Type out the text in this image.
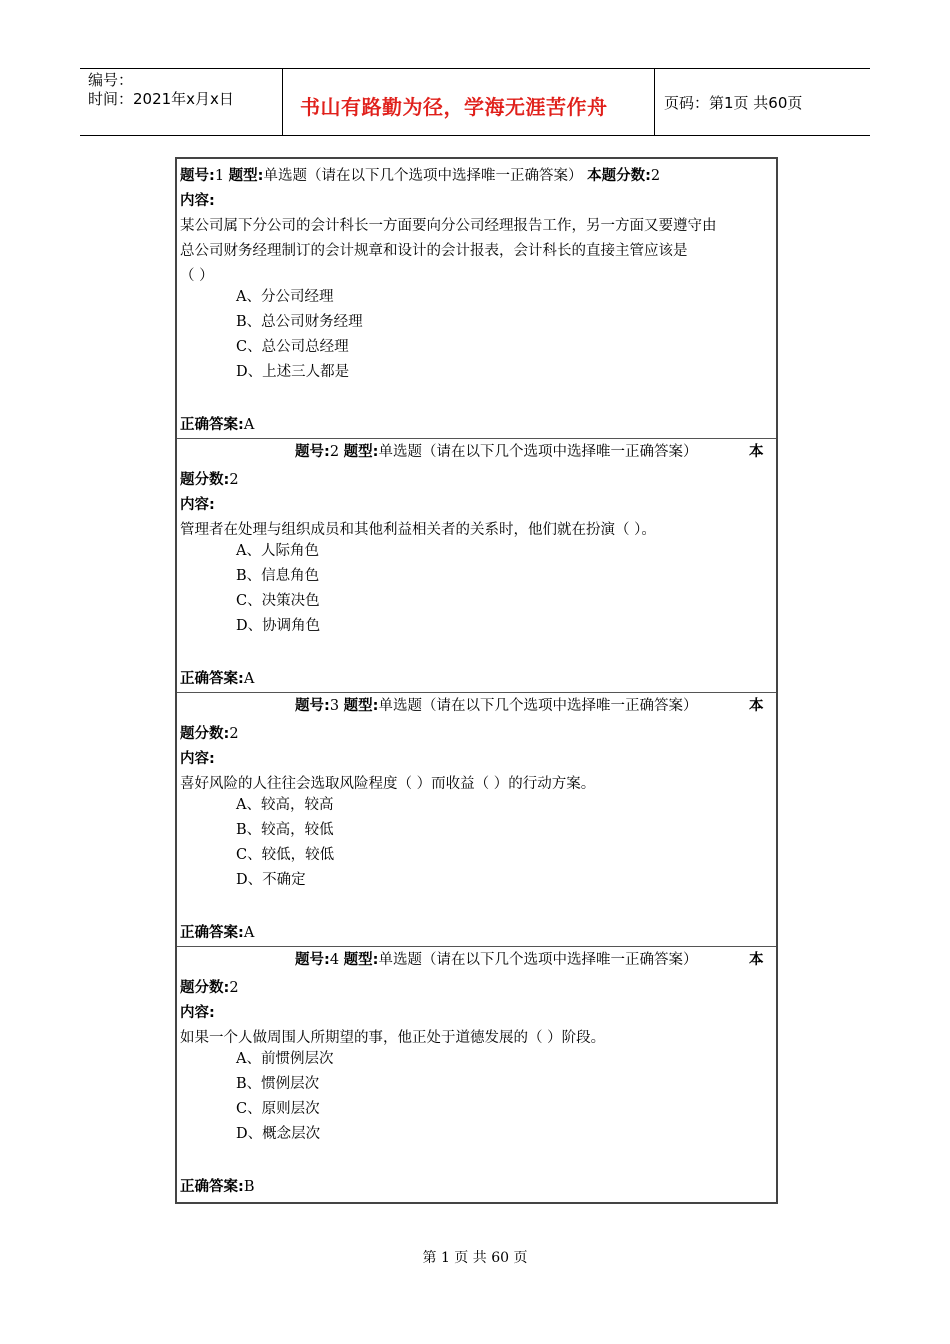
编号：
时间：2021年x月x日	书山有路勤为径，学海无涯苦作舟	页码：第1页 共60页
题号:1 题型:单选题（请在以下几个选项中选择唯一正确答案） 本题分数:2
内容:
某公司属下分公司的会计科长一方面要向分公司经理报告工作，另一方面又要遵守由
总公司财务经理制订的会计规章和设计的会计报表，会计科长的直接主管应该是
（ ）
A、分公司经理
B、总公司财务经理
C、总公司总经理
D、上述三人都是
正确答案:A
题号:2 题型:单选题（请在以下几个选项中选择唯一正确答案）	本
题分数:2
内容:
管理者在处理与组织成员和其他利益相关者的关系时，他们就在扮演（ ）。
A、人际角色
B、信息角色
C、决策决色
D、协调角色
正确答案:A
题号:3 题型:单选题（请在以下几个选项中选择唯一正确答案）	本
题分数:2
内容:
喜好风险的人往往会选取风险程度（ ）而收益（ ）的行动方案。
A、较高，较高
B、较高，较低
C、较低，较低
D、不确定
正确答案:A
题号:4 题型:单选题（请在以下几个选项中选择唯一正确答案）	本
题分数:2
内容:
如果一个人做周围人所期望的事，他正处于道德发展的（ ）阶段。
A、前惯例层次
B、惯例层次
C、原则层次
D、概念层次
正确答案:B
第 1 页 共 60 页
